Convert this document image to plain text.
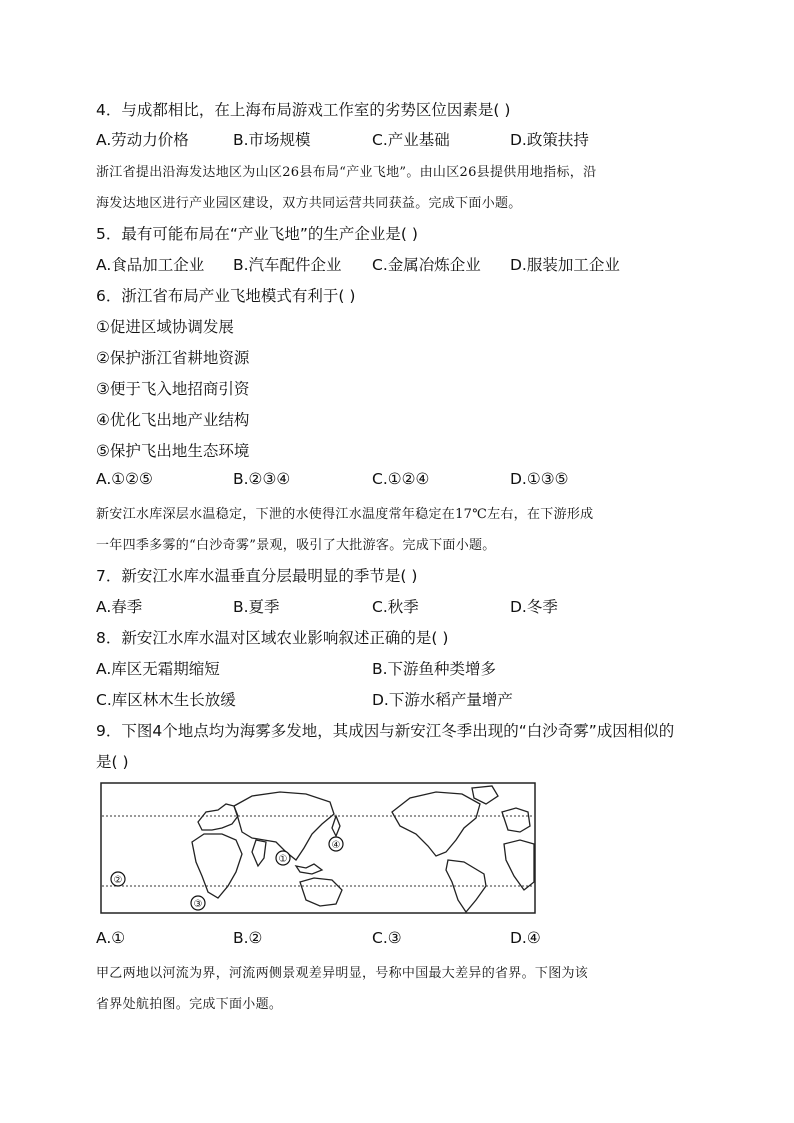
4．与成都相比，在上海布局游戏工作室的劣势区位因素是( )
A.劳动力价格	B.市场规模	C.产业基础	D.政策扶持
浙江省提出沿海发达地区为山区26县布局“产业飞地”。由山区26县提供用地指标，沿
海发达地区进行产业园区建设，双方共同运营共同获益。完成下面小题。
5．最有可能布局在“产业飞地”的生产企业是( )
A.食品加工企业 B.汽车配件企业 C.金属冶炼企业 D.服装加工企业
6．浙江省布局产业飞地模式有利于( )
①促进区域协调发展
②保护浙江省耕地资源
③便于飞入地招商引资
④优化飞出地产业结构
⑤保护飞出地生态环境
A.①②⑤	B.②③④	C.①②④	D.①③⑤
新安江水库深层水温稳定，下泄的水使得江水温度常年稳定在17℃左右，在下游形成
一年四季多雾的“白沙奇雾”景观，吸引了大批游客。完成下面小题。
7．新安江水库水温垂直分层最明显的季节是( )
A.春季	B.夏季	C.秋季	D.冬季
8．新安江水库水温对区域农业影响叙述正确的是( )
A.库区无霜期缩短	B.下游鱼种类增多
C.库区林木生长放缓	D.下游水稻产量增产
9．下图4个地点均为海雾多发地，其成因与新安江冬季出现的“白沙奇雾”成因相似的
是( )
①
②
③
④
A.①	B.②	C.③	D.④
甲乙两地以河流为界，河流两侧景观差异明显，号称中国最大差异的省界。下图为该
省界处航拍图。完成下面小题。
